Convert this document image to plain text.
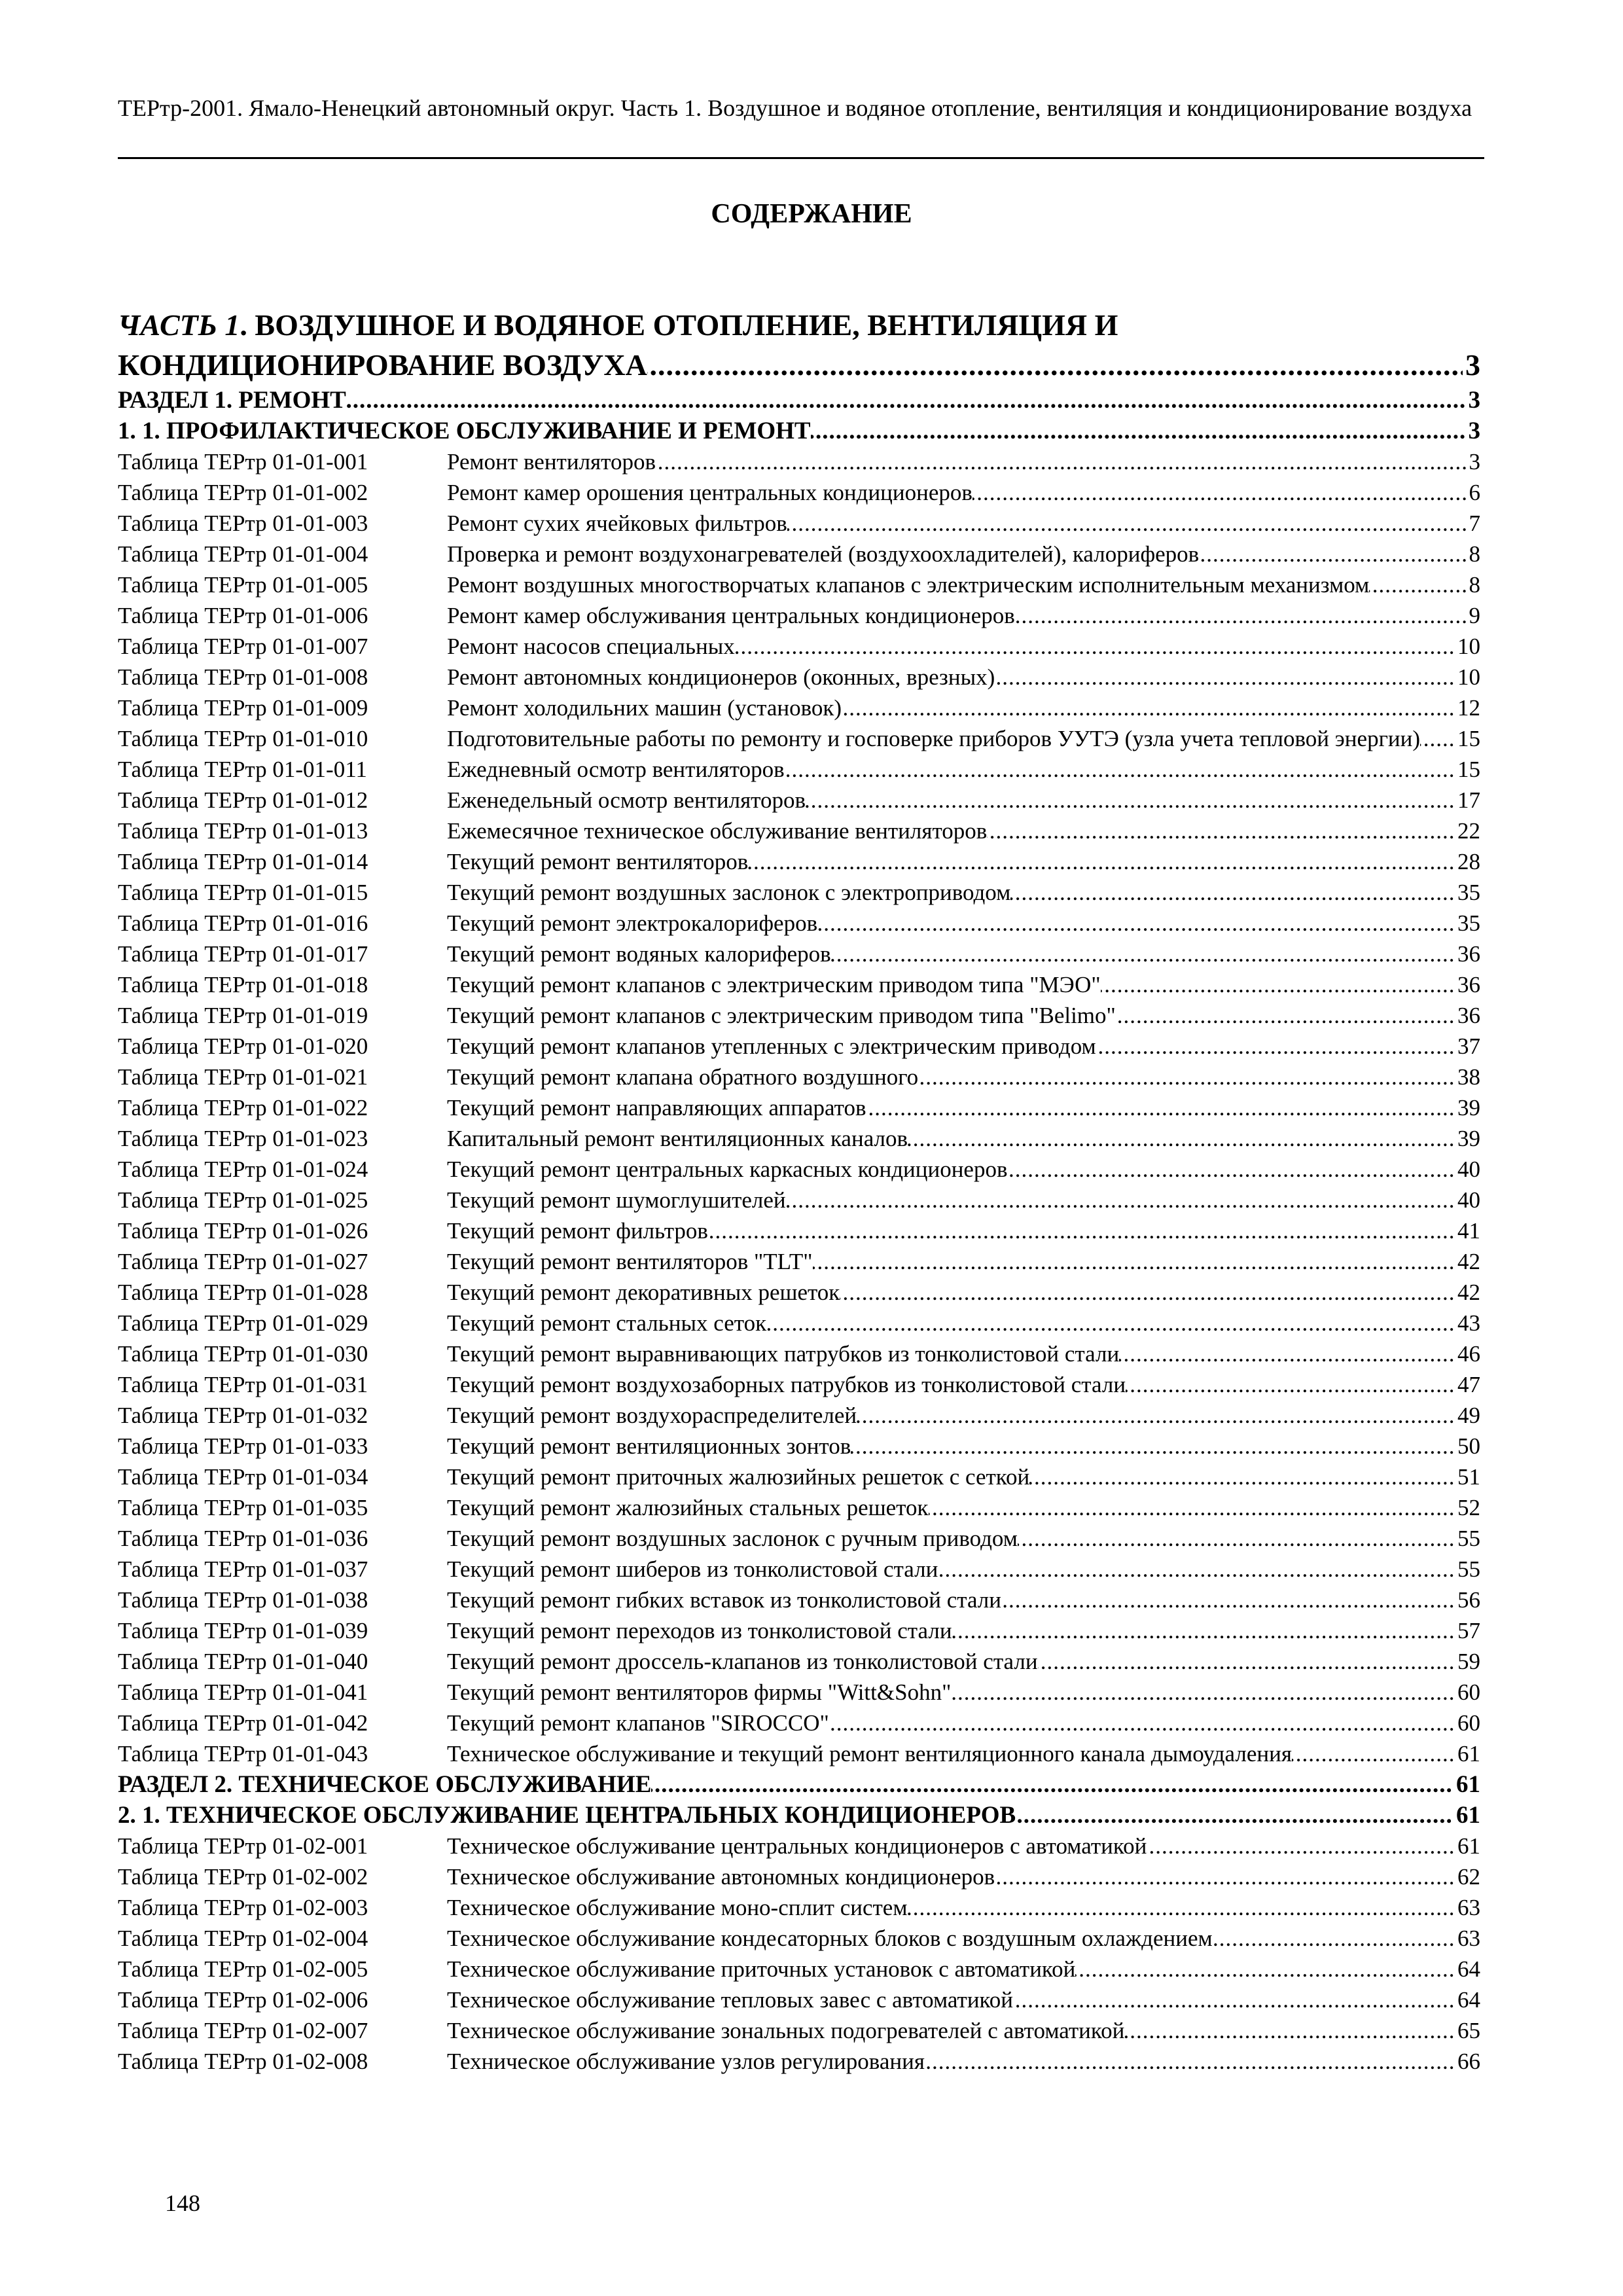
ТЕРтр-2001. Ямало-Ненецкий автономный округ. Часть 1. Воздушное и водяное отопление, вентиляция и кондиционирование воздуха
СОДЕРЖАНИЕ
..... ЧАСТЬ 1. ВОЗДУШНОЕ И ВОДЯНОЕ ОТОПЛЕНИЕ, ВЕНТИЛЯЦИЯ И КОНДИЦИОНИРОВАНИЕ ВОЗДУХА	3
..... РАЗДЕЛ 1. РЕМОНТ	3
..... 1. 1. ПРОФИЛАКТИЧЕСКОЕ ОБСЛУЖИВАНИЕ И РЕМОНТ	3
Таблица ТЕРтр 01-01-001	..... Ремонт вентиляторов	3
Таблица ТЕРтр 01-01-002	..... Ремонт камер орошения центральных кондиционеров	6
Таблица ТЕРтр 01-01-003	..... Ремонт сухих ячейковых фильтров	7
Таблица ТЕРтр 01-01-004	..... Проверка и ремонт воздухонагревателей (воздухоохладителей), калориферов	8
Таблица ТЕРтр 01-01-005	..... Ремонт воздушных многостворчатых клапанов с электрическим исполнительным механизмом	8
Таблица ТЕРтр 01-01-006	..... Ремонт камер обслуживания центральных кондиционеров	9
Таблица ТЕРтр 01-01-007	..... Ремонт насосов специальных	10
Таблица ТЕРтр 01-01-008	..... Ремонт автономных кондиционеров (оконных, врезных)	10
Таблица ТЕРтр 01-01-009	..... Ремонт холодильних машин (установок)	12
Таблица ТЕРтр 01-01-010	..... Подготовительные работы по ремонту и госповерке приборов УУТЭ (узла учета тепловой энергии) 15
Таблица ТЕРтр 01-01-011	..... Ежедневный осмотр вентиляторов	15
Таблица ТЕРтр 01-01-012	..... Еженедельный осмотр вентиляторов	17
Таблица ТЕРтр 01-01-013	..... Ежемесячное техническое обслуживание вентиляторов	22
Таблица ТЕРтр 01-01-014	..... Текущий ремонт вентиляторов	28
Таблица ТЕРтр 01-01-015	..... Текущий ремонт воздушных заслонок с электроприводом	35
Таблица ТЕРтр 01-01-016	..... Текущий ремонт электрокалориферов	35
Таблица ТЕРтр 01-01-017	..... Текущий ремонт водяных калориферов	36
Таблица ТЕРтр 01-01-018	..... Текущий ремонт клапанов с электрическим приводом типа "МЭО"	36
Таблица ТЕРтр 01-01-019	..... Текущий ремонт клапанов с электрическим приводом типа "Belimo"	36
Таблица ТЕРтр 01-01-020	..... Текущий ремонт клапанов утепленных с электрическим приводом	37
Таблица ТЕРтр 01-01-021	..... Текущий ремонт клапана обратного воздушного	38
Таблица ТЕРтр 01-01-022	..... Текущий ремонт направляющих аппаратов	39
Таблица ТЕРтр 01-01-023	..... Капитальный ремонт вентиляционных каналов	39
Таблица ТЕРтр 01-01-024	..... Текущий ремонт центральных каркасных кондиционеров	40
Таблица ТЕРтр 01-01-025	..... Текущий ремонт шумоглушителей	40
Таблица ТЕРтр 01-01-026	..... Текущий ремонт фильтров	41
Таблица ТЕРтр 01-01-027	..... Текущий ремонт вентиляторов "TLT"	42
Таблица ТЕРтр 01-01-028	..... Текущий ремонт декоративных решеток	42
Таблица ТЕРтр 01-01-029	..... Текущий ремонт стальных сеток	43
Таблица ТЕРтр 01-01-030	..... Текущий ремонт выравнивающих патрубков из тонколистовой стали	46
Таблица ТЕРтр 01-01-031	..... Текущий ремонт воздухозаборных патрубков из тонколистовой стали	47
Таблица ТЕРтр 01-01-032	..... Текущий ремонт воздухораспределителей	49
Таблица ТЕРтр 01-01-033	..... Текущий ремонт вентиляционных зонтов	50
Таблица ТЕРтр 01-01-034	..... Текущий ремонт приточных жалюзийных решеток с сеткой	51
Таблица ТЕРтр 01-01-035	..... Текущий ремонт жалюзийных стальных решеток	52
Таблица ТЕРтр 01-01-036	..... Текущий ремонт воздушных заслонок с ручным приводом	55
Таблица ТЕРтр 01-01-037	..... Текущий ремонт шиберов из тонколистовой стали	55
Таблица ТЕРтр 01-01-038	..... Текущий ремонт гибких вставок из тонколистовой стали	56
Таблица ТЕРтр 01-01-039	..... Текущий ремонт переходов из тонколистовой стали	57
Таблица ТЕРтр 01-01-040	..... Текущий ремонт дроссель-клапанов из тонколистовой стали	59
Таблица ТЕРтр 01-01-041	..... Текущий ремонт вентиляторов фирмы "Witt&Sohn"	60
Таблица ТЕРтр 01-01-042	..... Текущий ремонт клапанов "SIROCCO"	60
Таблица ТЕРтр 01-01-043	..... Техническое обслуживание и текущий ремонт вентиляционного канала дымоудаления	61
..... РАЗДЕЛ 2. ТЕХНИЧЕСКОЕ ОБСЛУЖИВАНИЕ	61
..... 2. 1. ТЕХНИЧЕСКОЕ ОБСЛУЖИВАНИЕ ЦЕНТРАЛЬНЫХ КОНДИЦИОНЕРОВ	61
Таблица ТЕРтр 01-02-001	..... Техническое обслуживание центральных кондиционеров с автоматикой	61
Таблица ТЕРтр 01-02-002	..... Техническое обслуживание автономных кондиционеров	62
Таблица ТЕРтр 01-02-003	..... Техническое обслуживание моно-сплит систем	63
Таблица ТЕРтр 01-02-004	..... Техническое обслуживание кондесаторных блоков с воздушным охлаждением	63
Таблица ТЕРтр 01-02-005	..... Техническое обслуживание приточных установок с автоматикой	64
Таблица ТЕРтр 01-02-006	..... Техническое обслуживание тепловых завес с автоматикой	64
Таблица ТЕРтр 01-02-007	..... Техническое обслуживание зональных подогревателей с автоматикой	65
Таблица ТЕРтр 01-02-008	..... Техническое обслуживание узлов регулирования	66
148
